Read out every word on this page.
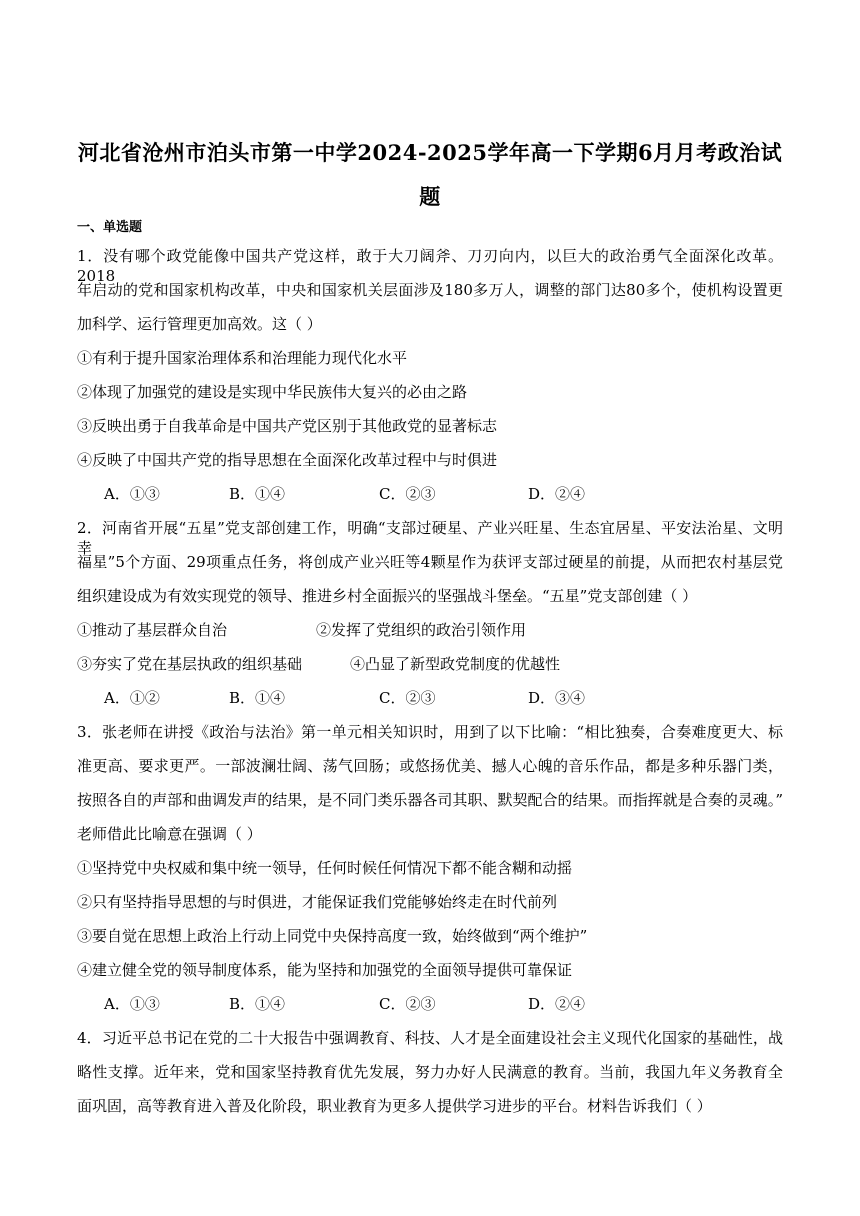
河北省沧州市泊头市第一中学2024-2025学年高一下学期6月月考政治试
题
一、单选题
1．没有哪个政党能像中国共产党这样，敢于大刀阔斧、刀刃向内，以巨大的政治勇气全面深化改革。2018
年启动的党和国家机构改革，中央和国家机关层面涉及180多万人，调整的部门达80多个，使机构设置更
加科学、运行管理更加高效。这（ ）
①有利于提升国家治理体系和治理能力现代化水平
②体现了加强党的建设是实现中华民族伟大复兴的必由之路
③反映出勇于自我革命是中国共产党区别于其他政党的显著标志
④反映了中国共产党的指导思想在全面深化改革过程中与时俱进
A．①③	B．①④	C．②③	D．②④
2．河南省开展“五星”党支部创建工作，明确“支部过硬星、产业兴旺星、生态宜居星、平安法治星、文明幸
福星”5个方面、29项重点任务，将创成产业兴旺等4颗星作为获评支部过硬星的前提，从而把农村基层党
组织建设成为有效实现党的领导、推进乡村全面振兴的坚强战斗堡垒。“五星”党支部创建（ ）
①推动了基层群众自治	②发挥了党组织的政治引领作用
③夯实了党在基层执政的组织基础	④凸显了新型政党制度的优越性
A．①②	B．①④	C．②③	D．③④
3．张老师在讲授《政治与法治》第一单元相关知识时，用到了以下比喻：“相比独奏，合奏难度更大、标
准更高、要求更严。一部波澜壮阔、荡气回肠；或悠扬优美、撼人心魄的音乐作品，都是多种乐器门类，
按照各自的声部和曲调发声的结果，是不同门类乐器各司其职、默契配合的结果。而指挥就是合奏的灵魂。”
老师借此比喻意在强调（ ）
①坚持党中央权威和集中统一领导，任何时候任何情况下都不能含糊和动摇
②只有坚持指导思想的与时俱进，才能保证我们党能够始终走在时代前列
③要自觉在思想上政治上行动上同党中央保持高度一致，始终做到“两个维护”
④建立健全党的领导制度体系，能为坚持和加强党的全面领导提供可靠保证
A．①③	B．①④	C．②③	D．②④
4．习近平总书记在党的二十大报告中强调教育、科技、人才是全面建设社会主义现代化国家的基础性，战
略性支撑。近年来，党和国家坚持教育优先发展，努力办好人民满意的教育。当前，我国九年义务教育全
面巩固，高等教育进入普及化阶段，职业教育为更多人提供学习进步的平台。材料告诉我们（ ）
